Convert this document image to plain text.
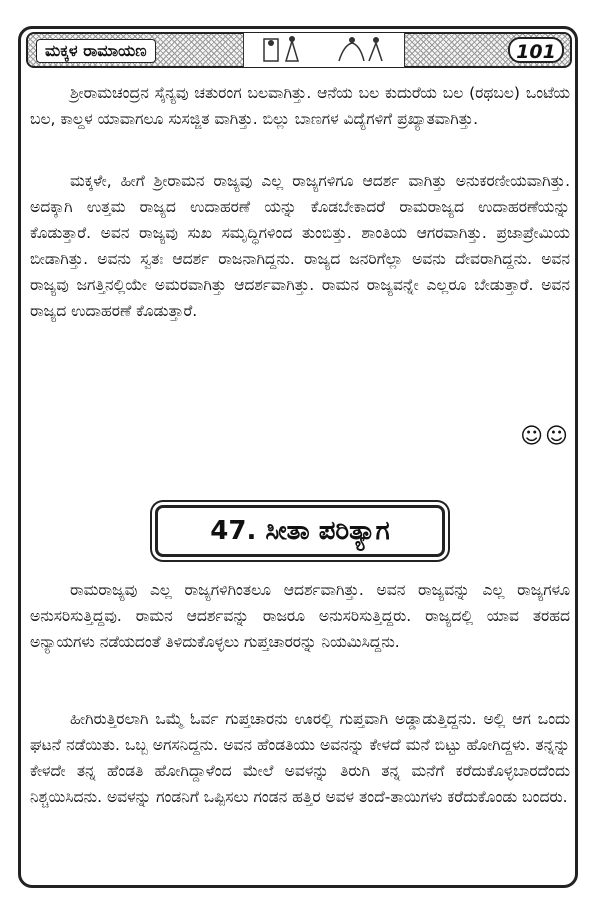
ಮಕ್ಕಳ ರಾಮಾಯಣ	101

ಶ್ರೀರಾಮಚಂದ್ರನ ಸೈನ್ಯವು ಚತುರಂಗ ಬಲವಾಗಿತ್ತು. ಆನೆಯ ಬಲ ಕುದುರೆಯ ಬಲ (ರಥಬಲ) ಒಂಟೆಯ ಬಲ, ಕಾಲ್ದಳ ಯಾವಾಗಲೂ ಸುಸಜ್ಜಿತ ವಾಗಿತ್ತು. ಬಿಲ್ಲು ಬಾಣಗಳ ವಿದ್ಯೆಗಳಿಗೆ ಪ್ರಖ್ಯಾತವಾಗಿತ್ತು.

ಮಕ್ಕಳೇ, ಹೀಗೆ ಶ್ರೀರಾಮನ ರಾಜ್ಯವು ಎಲ್ಲ ರಾಜ್ಯಗಳಿಗೂ ಆದರ್ಶ ವಾಗಿತ್ತು ಅನುಕರಣೀಯವಾಗಿತ್ತು. ಅದಕ್ಕಾಗಿ ಉತ್ತಮ ರಾಜ್ಯದ ಉದಾಹರಣೆ ಯನ್ನು ಕೊಡಬೇಕಾದರೆ ರಾಮರಾಜ್ಯದ ಉದಾಹರಣೆಯನ್ನು ಕೊಡುತ್ತಾರೆ. ಅವನ ರಾಜ್ಯವು ಸುಖ ಸಮೃದ್ಧಿಗಳಿಂದ ತುಂಬಿತ್ತು. ಶಾಂತಿಯ ಆಗರವಾಗಿತ್ತು. ಪ್ರಜಾಪ್ರೇಮಿಯ ಬೀಡಾಗಿತ್ತು. ಅವನು ಸ್ವತಃ ಆದರ್ಶ ರಾಜನಾಗಿದ್ದನು. ರಾಜ್ಯದ ಜನರಿಗೆಲ್ಲಾ ಅವನು ದೇವರಾಗಿದ್ದನು. ಅವನ ರಾಜ್ಯವು ಜಗತ್ತಿನಲ್ಲಿಯೇ ಅಮರವಾಗಿತ್ತು ಆದರ್ಶವಾಗಿತ್ತು. ರಾಮನ ರಾಜ್ಯವನ್ನೇ ಎಲ್ಲರೂ ಬೇಡುತ್ತಾರೆ. ಅವನ ರಾಜ್ಯದ ಉದಾಹರಣೆ ಕೊಡುತ್ತಾರೆ.

☺☺
47. ಸೀತಾ ಪರಿತ್ಯಾಗ

ರಾಮರಾಜ್ಯವು ಎಲ್ಲ ರಾಜ್ಯಗಳಿಗಿಂತಲೂ ಆದರ್ಶವಾಗಿತ್ತು. ಅವನ ರಾಜ್ಯವನ್ನು ಎಲ್ಲ ರಾಜ್ಯಗಳೂ ಅನುಸರಿಸುತ್ತಿದ್ದವು. ರಾಮನ ಆದರ್ಶವನ್ನು ರಾಜರೂ ಅನುಸರಿಸುತ್ತಿದ್ದರು. ರಾಜ್ಯದಲ್ಲಿ ಯಾವ ತರಹದ ಅನ್ಯಾಯಗಳು ನಡೆಯದಂತೆ ತಿಳಿದುಕೊಳ್ಳಲು ಗುಪ್ತಚಾರರನ್ನು ನಿಯಮಿಸಿದ್ದನು.

ಹೀಗಿರುತ್ತಿರಲಾಗಿ ಒಮ್ಮೆ ಓರ್ವ ಗುಪ್ತಚಾರನು ಊರಲ್ಲಿ ಗುಪ್ತವಾಗಿ ಅಡ್ಡಾಡುತ್ತಿದ್ದನು. ಅಲ್ಲಿ ಆಗ ಒಂದು ಘಟನೆ ನಡೆಯಿತು. ಒಬ್ಬ ಅಗಸನಿದ್ದನು. ಅವನ ಹೆಂಡತಿಯು ಅವನನ್ನು ಕೇಳದೆ ಮನೆ ಬಿಟ್ಟು ಹೋಗಿದ್ದಳು. ತನ್ನನ್ನು ಕೇಳದೇ ತನ್ನ ಹೆಂಡತಿ ಹೋಗಿದ್ದಾಳೆಂದ ಮೇಲೆ ಅವಳನ್ನು ತಿರುಗಿ ತನ್ನ ಮನೆಗೆ ಕರೆದುಕೊಳ್ಳಬಾರದೆಂದು ನಿಶ್ಚಯಿಸಿದನು. ಅವಳನ್ನು ಗಂಡನಿಗೆ ಒಪ್ಪಿಸಲು ಗಂಡನ ಹತ್ತಿರ ಅವಳ ತಂದೆ-ತಾಯಿಗಳು ಕರೆದುಕೊಂಡು ಬಂದರು.
